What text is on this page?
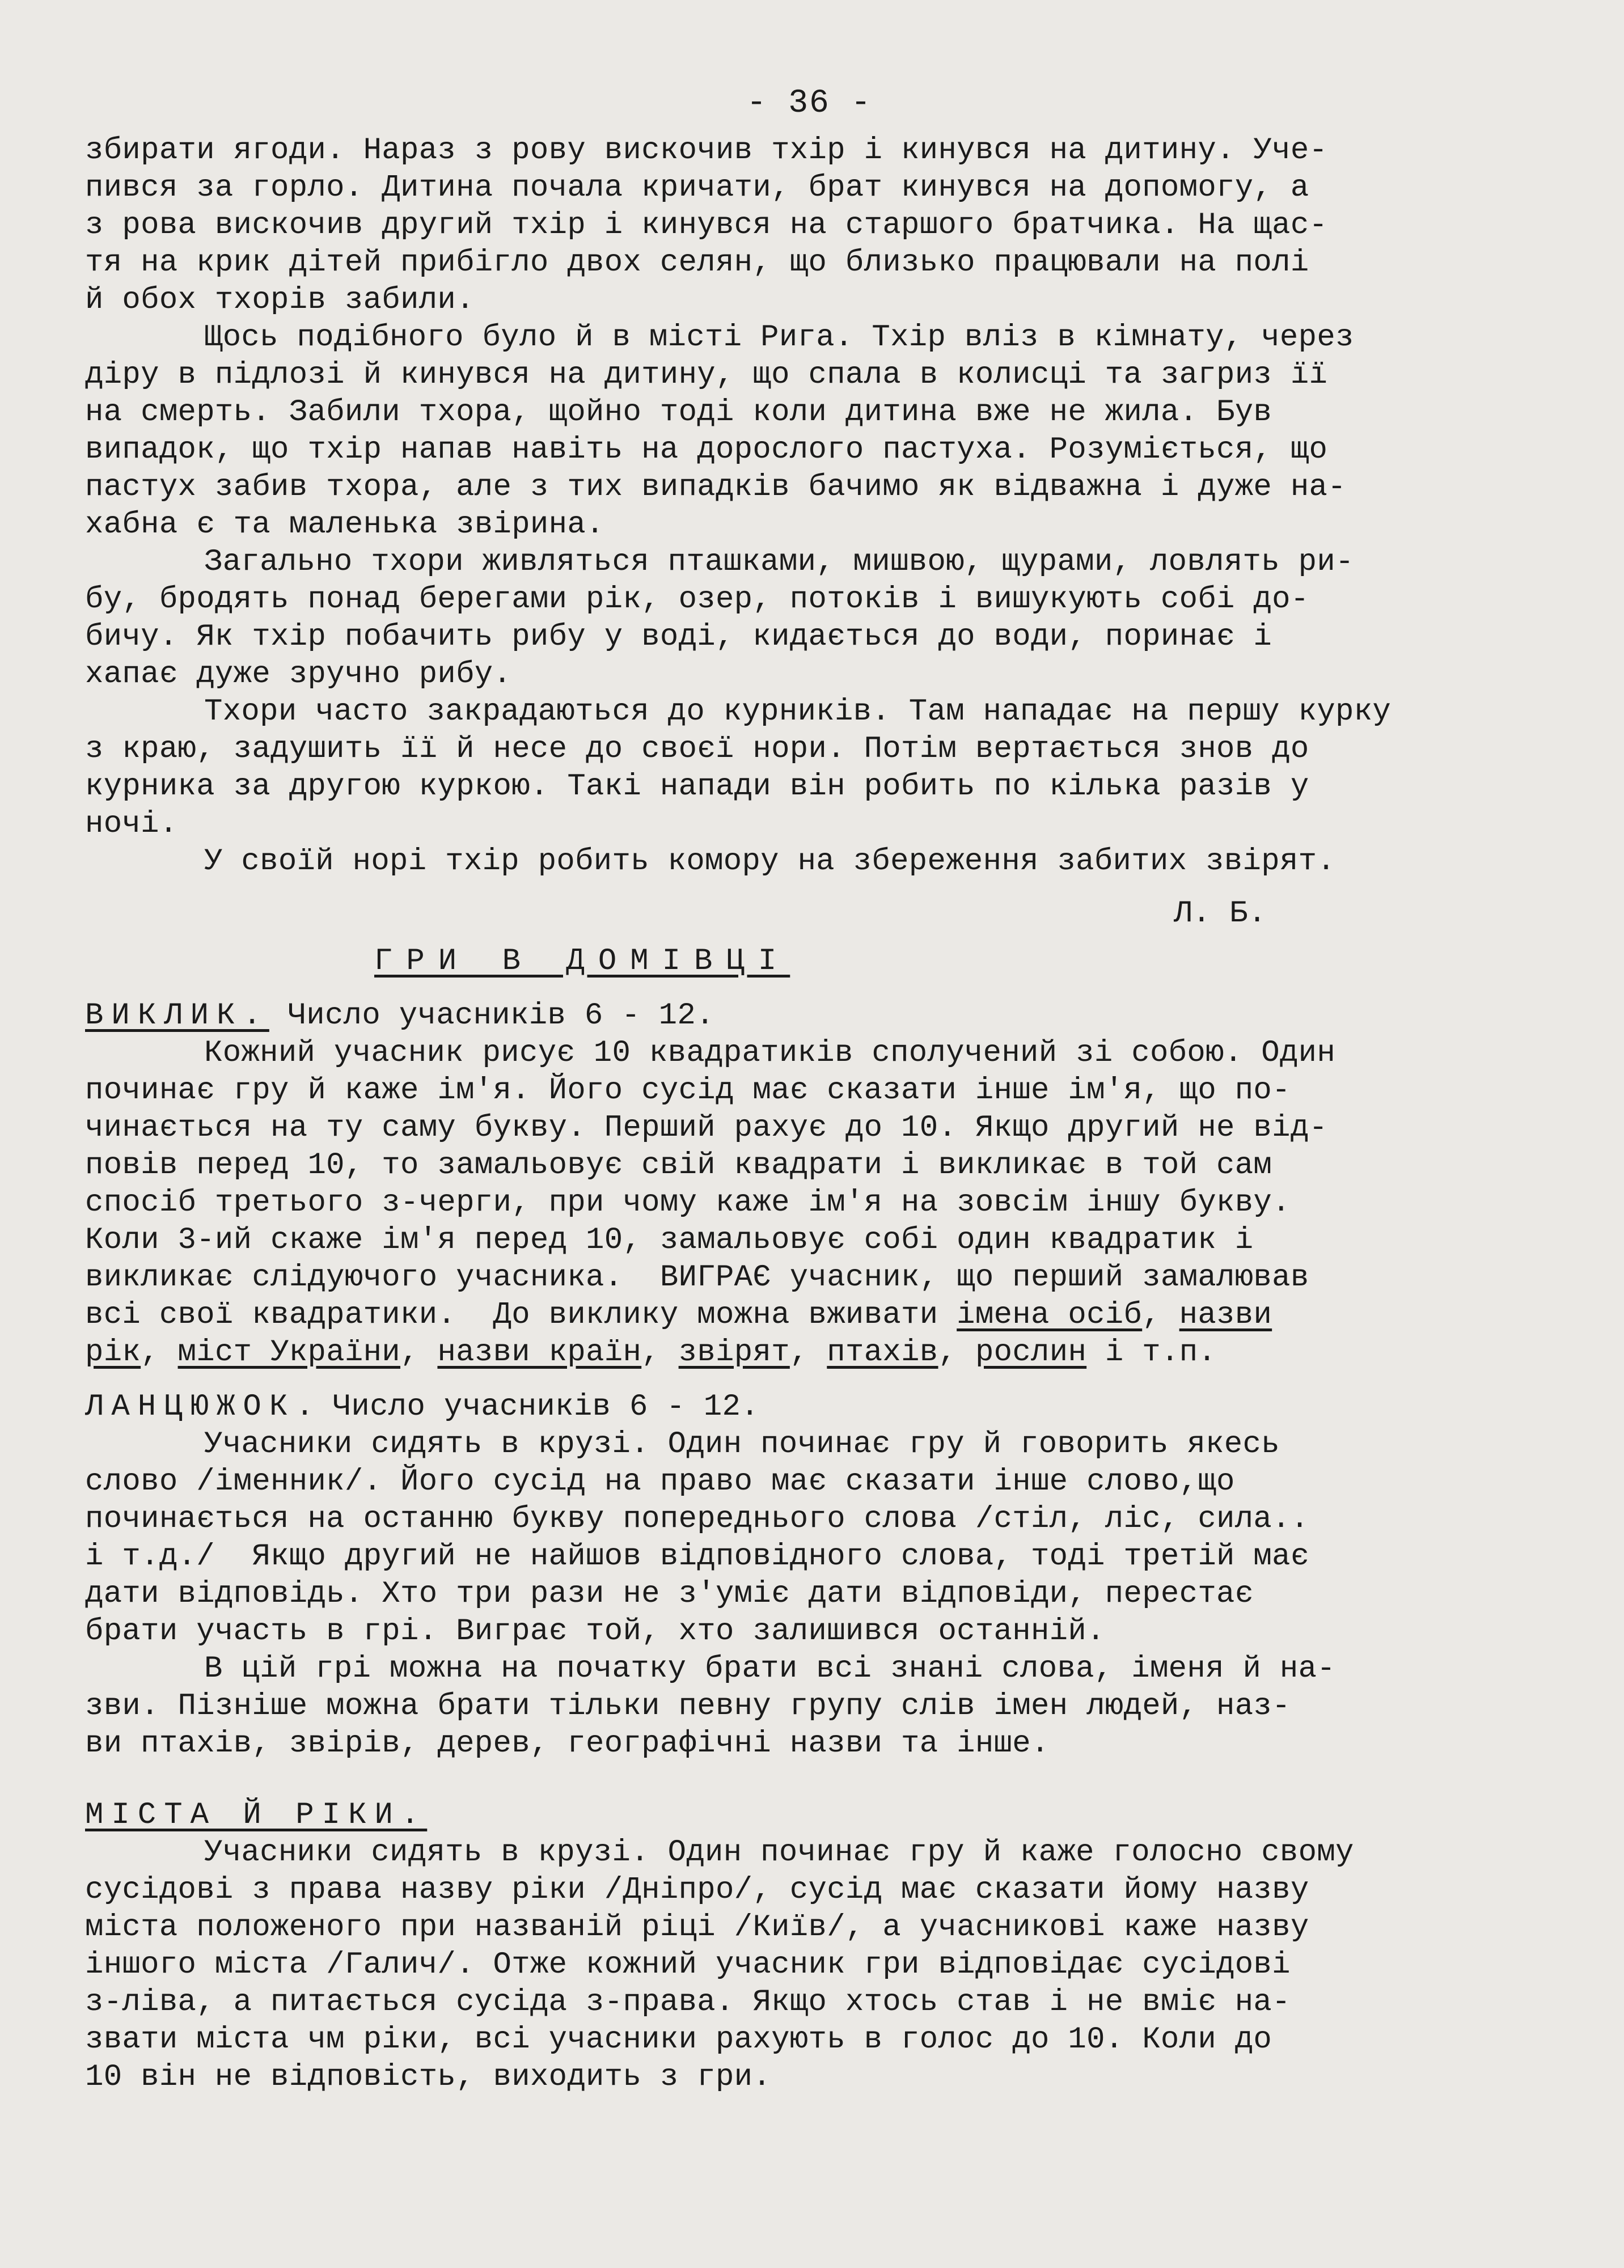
- 36 -
збирати ягоди. Нараз з рову вискочив тхір і кинувся на дитину. Уче-
пився за горло. Дитина почала кричати, брат кинувся на допомогу, а
з рова вискочив другий тхір і кинувся на старшого братчика. На щас-
тя на крик дітей прибігло двох селян, що близько працювали на полі
й обох тхорів забили.
Щось подібного було й в місті Рига. Тхір вліз в кімнату, через
діру в підлозі й кинувся на дитину, що спала в колисці та загриз її
на смерть. Забили тхора, щойно тоді коли дитина вже не жила. Був
випадок, що тхір напав навіть на дорослого пастуха. Розуміється, що
пастух забив тхора, але з тих випадків бачимо як відважна і дуже на-
хабна є та маленька звірина.
Загально тхори живляться пташками, мишвою, щурами, ловлять ри-
бу, бродять понад берегами рік, озер, потоків і вишукують собі до-
бичу. Як тхір побачить рибу у воді, кидається до води, поринає і
хапає дуже зручно рибу.
Тхори часто закрадаються до курників. Там нападає на першу курку
з краю, задушить її й несе до своєї нори. Потім вертається знов до
курника за другою куркою. Такі напади він робить по кілька разів у
ночі.
У своїй норі тхір робить комору на збереження забитих звірят.
Л. Б.
ГРИ В ДОМІВЦІ
ВИКЛИК. Число учасників 6 - 12.
Кожний учасник рисує 10 квадратиків сполучений зі собою. Один
починає гру й каже ім'я. Його сусід має сказати інше ім'я, що по-
чинається на ту саму букву. Перший рахує до 10. Якщо другий не від-
повів перед 10, то замальовує свій квадрати і викликає в той сам
спосіб третього з-черги, при чому каже ім'я на зовсім іншу букву.
Коли 3-ий скаже ім'я перед 10, замальовує собі один квадратик і
викликає слідуючого учасника.  ВИГРАЄ учасник, що перший замалював
всі свої квадратики.  До виклику можна вживати імена осіб, назви
рік, міст України, назви країн, звірят, птахів, рослин і т.п.
ЛАНЦЮЖОК. Число учасників 6 - 12.
Учасники сидять в крузі. Один починає гру й говорить якесь
слово /іменник/. Його сусід на право має сказати інше слово,що
починається на останню букву попереднього слова /стіл, ліс, сила..
і т.д./  Якщо другий не найшов відповідного слова, тоді третій має
дати відповідь. Хто три рази не з'уміє дати відповіди, перестає
брати участь в грі. Виграє той, хто залишився останній.
В цій грі можна на початку брати всі знані слова, іменя й на-
зви. Пізніше можна брати тільки певну групу слів імен людей, наз-
ви птахів, звірів, дерев, географічні назви та інше.
МІСТА Й РІКИ.
Учасники сидять в крузі. Один починає гру й каже голосно свому
сусідові з права назву ріки /Дніпро/, сусід має сказати йому назву
міста положеного при названій ріці /Київ/, а учасникові каже назву
іншого міста /Галич/. Отже кожний учасник гри відповідає сусідові
з-ліва, а питається сусіда з-права. Якщо хтось став і не вміє на-
звати міста чм ріки, всі учасники рахують в голос до 10. Коли до
10 він не відповість, виходить з гри.
